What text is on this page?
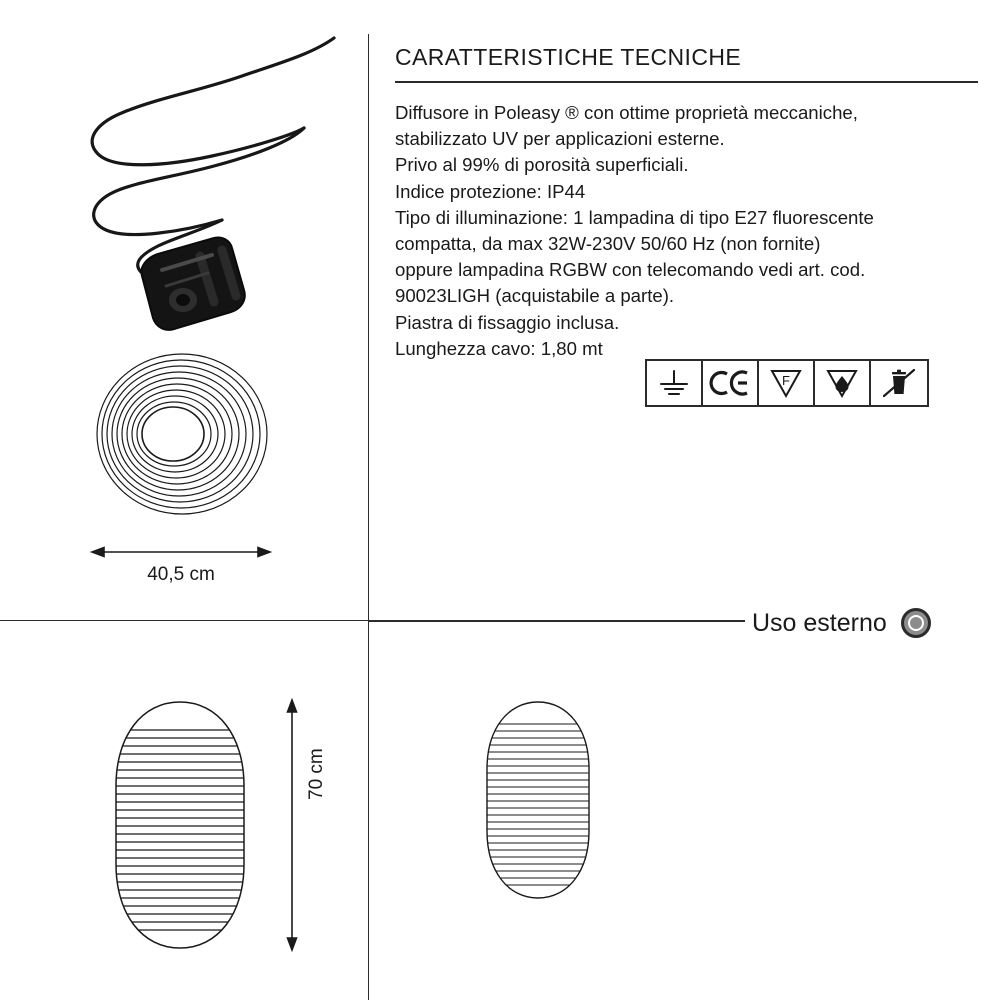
40,5 cm
70 cm
CARATTERISTICHE TECNICHE

Diffusore in Poleasy ® con ottime proprietà meccaniche,

stabilizzato UV per applicazioni esterne.

Privo al 99% di porosità superficiali.

Indice protezione: IP44

Tipo di illuminazione: 1 lampadina di tipo E27 fluorescente

compatta, da max 32W-230V 50/60 Hz (non fornite)

oppure lampadina RGBW con telecomando vedi art. cod.

90023LIGH (acquistabile a parte).

Piastra di fissaggio inclusa.

Lunghezza cavo: 1,80 mt

F
Uso esterno
